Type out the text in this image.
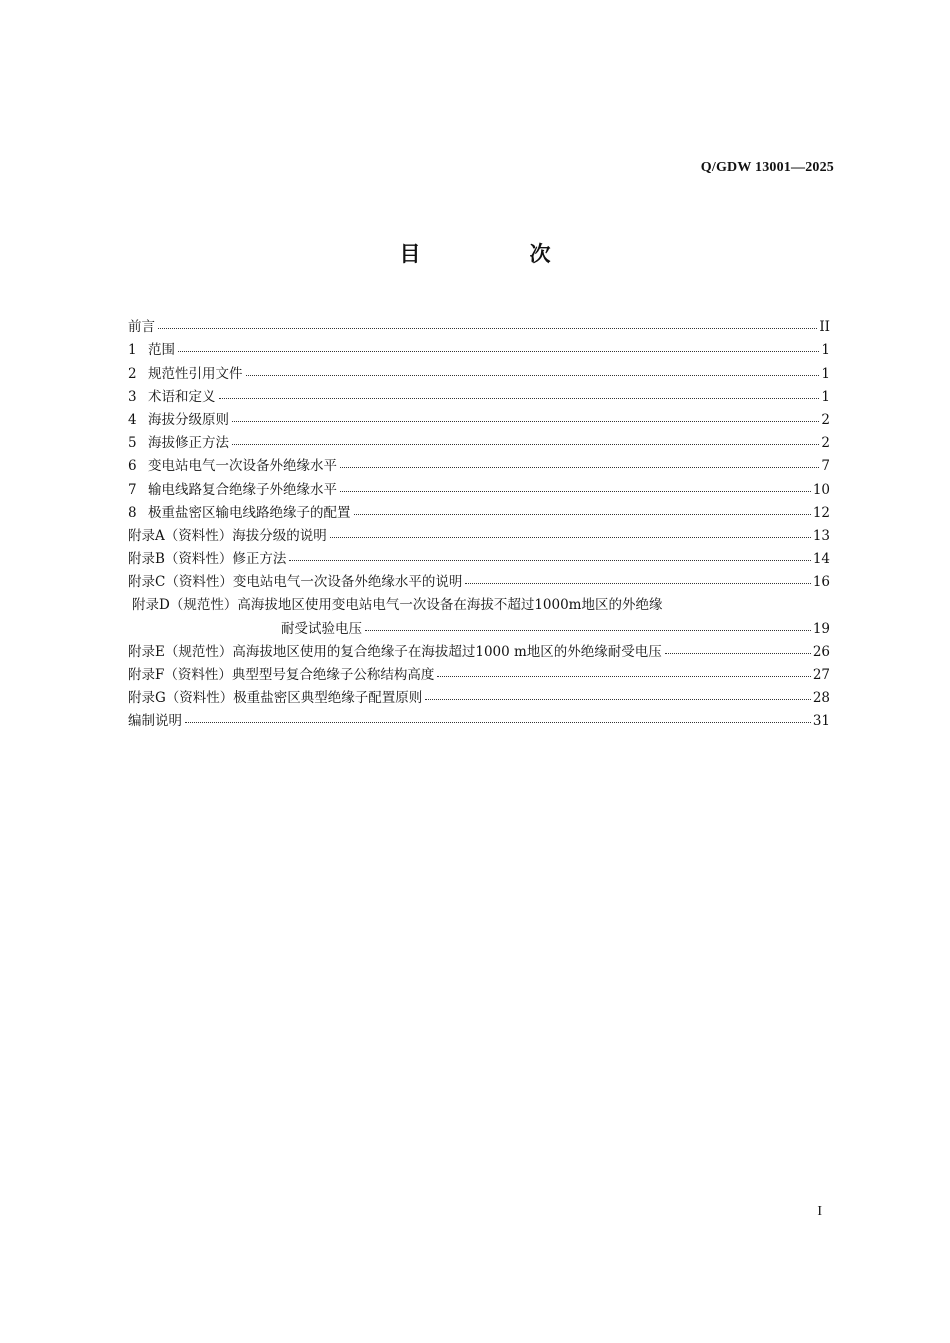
Q/GDW 13001—2025
目　次
前言	II
1 范围	1
2 规范性引用文件	1
3 术语和定义	1
4 海拔分级原则	2
5 海拔修正方法	2
6 变电站电气一次设备外绝缘水平	7
7 输电线路复合绝缘子外绝缘水平	10
8 极重盐密区输电线路绝缘子的配置	12
附录A（资料性）海拔分级的说明	13
附录B（资料性）修正方法	14
附录C（资料性）变电站电气一次设备外绝缘水平的说明	16
附录D（规范性）高海拔地区使用变电站电气一次设备在海拔不超过1000m地区的外绝缘
耐受试验电压	19
附录E（规范性）高海拔地区使用的复合绝缘子在海拔超过1000 m地区的外绝缘耐受电压	26
附录F（资料性）典型型号复合绝缘子公称结构高度	27
附录G（资料性）极重盐密区典型绝缘子配置原则	28
编制说明	31
I
